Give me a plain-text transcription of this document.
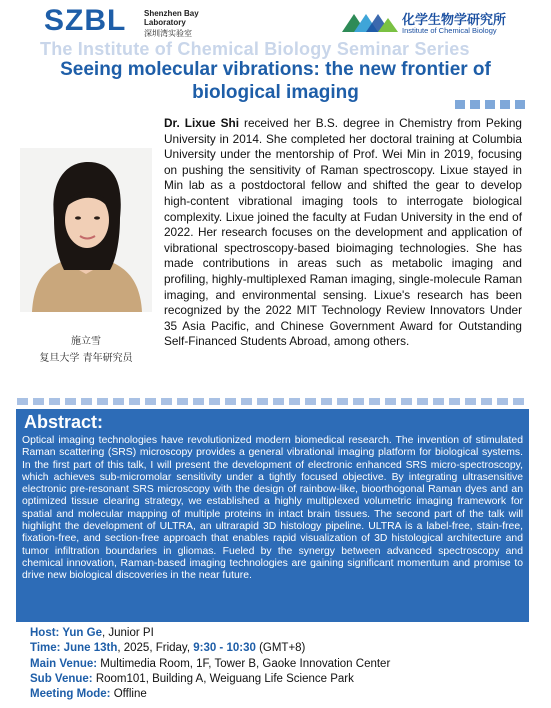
SZBL Shenzhen Bay
Laboratory
深圳湾实验室
化学生物学研究所
Institute of Chemical Biology
The Institute of Chemical Biology Seminar Series
Seeing molecular vibrations: the new frontier of biological imaging
施立雪
复旦大学 青年研究员
Dr. Lixue Shi received her B.S. degree in Chemistry from Peking University in 2014. She completed her doctoral training at Columbia University under the mentorship of Prof. Wei Min in 2019, focusing on pushing the sensitivity of Raman spectroscopy. Lixue stayed in Min lab as a postdoctoral fellow and shifted the gear to develop high-content vibrational imaging tools to interrogate biological complexity. Lixue joined the faculty at Fudan University in the end of 2022. Her research focuses on the development and application of vibrational spectroscopy-based bioimaging technologies. She has made contributions in areas such as metabolic imaging and profiling, highly-multiplexed Raman imaging, single-molecule Raman imaging, and environmental sensing. Lixue's research has been recognized by the 2022 MIT Technology Review Innovators Under 35 Asia Pacific, and Chinese Government Award for Outstanding Self-Financed Students Abroad, among others.
Abstract:
Optical imaging technologies have revolutionized modern biomedical research. The invention of stimulated Raman scattering (SRS) microscopy provides a general vibrational imaging platform for biological systems. In the first part of this talk, I will present the development of electronic enhanced SRS micro-spectroscopy, which achieves sub-micromolar sensitivity under a tightly focused objective. By integrating ultrasensitive electronic pre-resonant SRS microscopy with the design of rainbow-like, bioorthogonal Raman dyes and an optimized tissue clearing strategy, we established a highly multiplexed volumetric imaging framework for spatial and molecular mapping of multiple proteins in intact brain tissues. The second part of the talk will highlight the development of ULTRA, an ultrarapid 3D histology pipeline. ULTRA is a label-free, stain-free, fixation-free, and section-free approach that enables rapid visualization of 3D histological architecture and tumor infiltration boundaries in gliomas. Fueled by the synergy between advanced spectroscopy and chemical innovation, Raman-based imaging technologies are gaining significant momentum and promise to drive new biological discoveries in the near future.
Host: Yun Ge, Junior PI
Time: June 13th, 2025, Friday, 9:30 - 10:30 (GMT+8)
Main Venue: Multimedia Room, 1F, Tower B, Gaoke Innovation Center
Sub Venue: Room101, Building A, Weiguang Life Science Park
Meeting Mode: Offline
